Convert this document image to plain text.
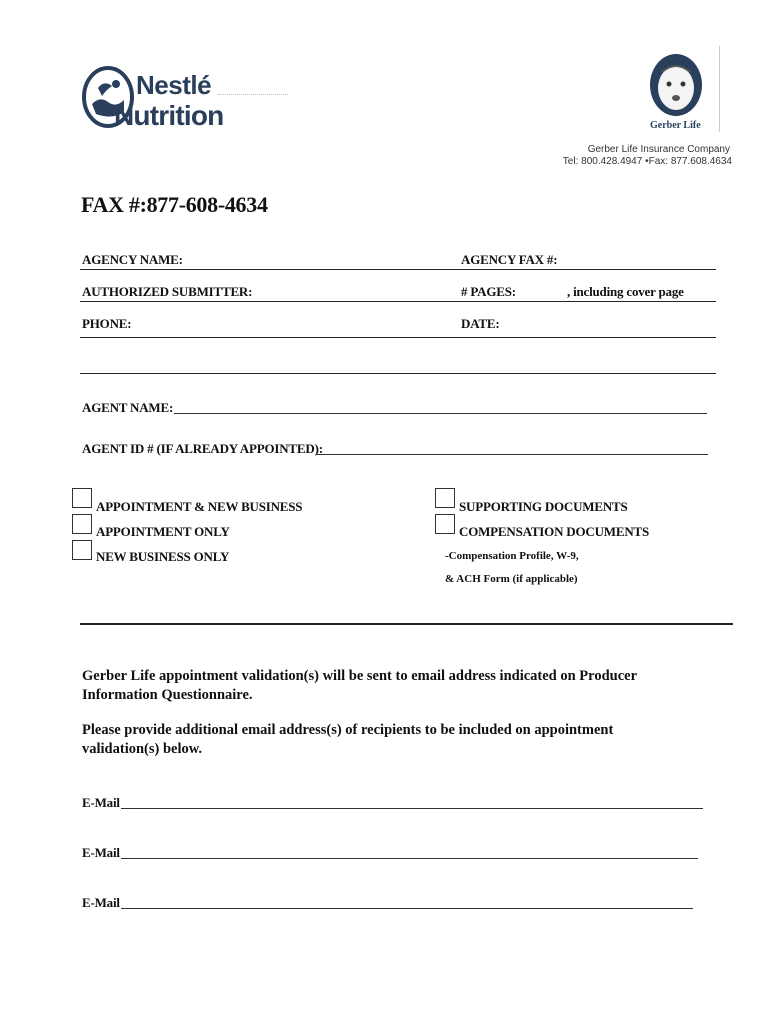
Nestlé
Nutrition	Gerber Life
Gerber Life Insurance Company
Tel: 800.428.4947 •Fax: 877.608.4634
FAX #:877-608-4634
AGENCY NAME:	AGENCY FAX #:
AUTHORIZED SUBMITTER:	# PAGES:	, including cover page
PHONE:	DATE:
AGENT NAME:
AGENT ID # (IF ALREADY APPOINTED):
APPOINTMENT & NEW BUSINESS
APPOINTMENT ONLY
NEW BUSINESS ONLY
SUPPORTING DOCUMENTS
COMPENSATION DOCUMENTS
-Compensation Profile, W-9,
& ACH Form (if applicable)
Gerber Life appointment validation(s) will be sent to email address indicated on Producer Information Questionnaire.
Please provide additional email address(s) of recipients to be included on appointment validation(s) below.
E-Mail
E-Mail
E-Mail
